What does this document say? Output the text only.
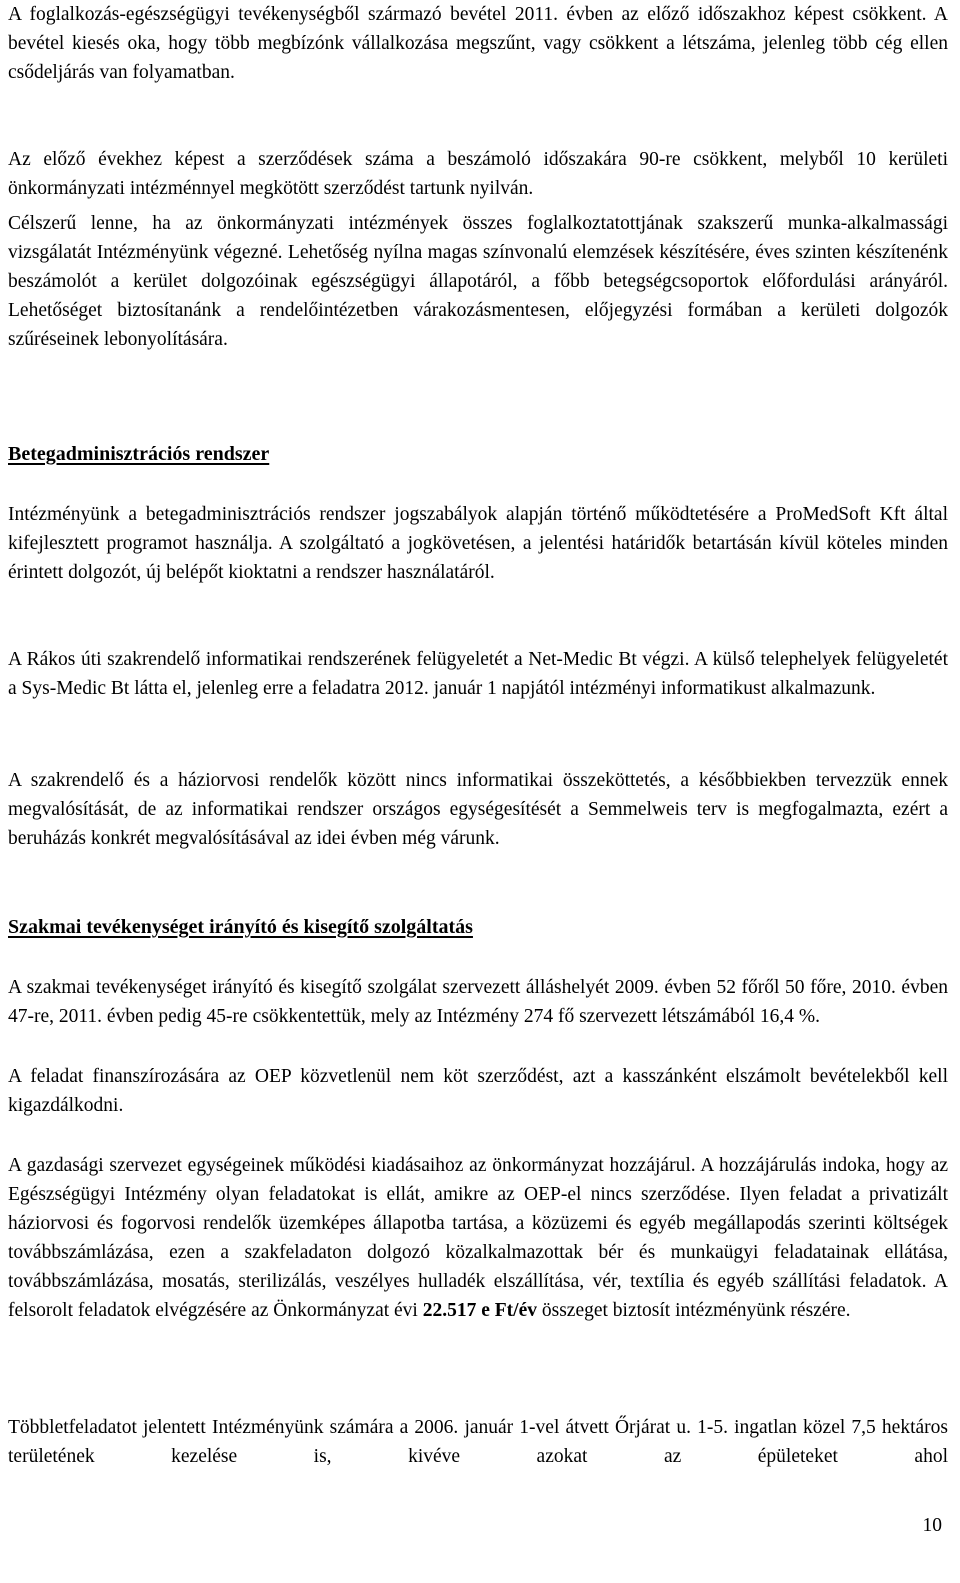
A foglalkozás-egészségügyi tevékenységből származó bevétel 2011. évben az előző időszakhoz képest csökkent. A bevétel kiesés oka, hogy több megbízónk vállalkozása megszűnt, vagy csökkent a létszáma, jelenleg több cég ellen csődeljárás van folyamatban.

Az előző évekhez képest a szerződések száma a beszámoló időszakára 90-re csökkent, melyből 10 kerületi önkormányzati intézménnyel megkötött szerződést tartunk nyilván.

Célszerű lenne, ha az önkormányzati intézmények összes foglalkoztatottjának szakszerű munka-alkalmassági vizsgálatát Intézményünk végezné. Lehetőség nyílna magas színvonalú elemzések készítésére, éves szinten készítenénk beszámolót a kerület dolgozóinak egészségügyi állapotáról, a főbb betegségcsoportok előfordulási arányáról. Lehetőséget biztosítanánk a rendelőintézetben várakozásmentesen, előjegyzési formában a kerületi dolgozók szűréseinek lebonyolítására.

Betegadminisztrációs rendszer

Intézményünk a betegadminisztrációs rendszer jogszabályok alapján történő működtetésére a ProMedSoft Kft által kifejlesztett programot használja. A szolgáltató a jogkövetésen, a jelentési határidők betartásán kívül köteles minden érintett dolgozót, új belépőt kioktatni a rendszer használatáról.

A Rákos úti szakrendelő informatikai rendszerének felügyeletét a Net-Medic Bt végzi. A külső telephelyek felügyeletét a Sys-Medic Bt látta el, jelenleg erre a feladatra 2012. január 1 napjától intézményi informatikust alkalmazunk.

A szakrendelő és a háziorvosi rendelők között nincs informatikai összeköttetés, a későbbiekben tervezzük ennek megvalósítását, de az informatikai rendszer országos egységesítését a Semmelweis terv is megfogalmazta, ezért a beruházás konkrét megvalósításával az idei évben még várunk.

Szakmai tevékenységet irányító és kisegítő szolgáltatás

A szakmai tevékenységet irányító és kisegítő szolgálat szervezett álláshelyét 2009. évben 52 főről 50 főre, 2010. évben 47-re, 2011. évben pedig 45-re csökkentettük, mely az Intézmény 274 fő szervezett létszámából 16,4 %.

A feladat finanszírozására az OEP közvetlenül nem köt szerződést, azt a kasszánként elszámolt bevételekből kell kigazdálkodni.

A gazdasági szervezet egységeinek működési kiadásaihoz az önkormányzat hozzájárul. A hozzájárulás indoka, hogy az Egészségügyi Intézmény olyan feladatokat is ellát, amikre az OEP-el nincs szerződése. Ilyen feladat a privatizált háziorvosi és fogorvosi rendelők üzemképes állapotba tartása, a közüzemi és egyéb megállapodás szerinti költségek továbbszámlázása, ezen a szakfeladaton dolgozó közalkalmazottak bér és munkaügyi feladatainak ellátása, továbbszámlázása, mosatás, sterilizálás, veszélyes hulladék elszállítása, vér, textília és egyéb szállítási feladatok. A felsorolt feladatok elvégzésére az Önkormányzat évi 22.517 e Ft/év összeget biztosít intézményünk részére.

Többletfeladatot jelentett Intézményünk számára a 2006. január 1-vel átvett Őrjárat u. 1-5. ingatlan közel 7,5 hektáros területének kezelése is, kivéve azokat az épületeket ahol

10
